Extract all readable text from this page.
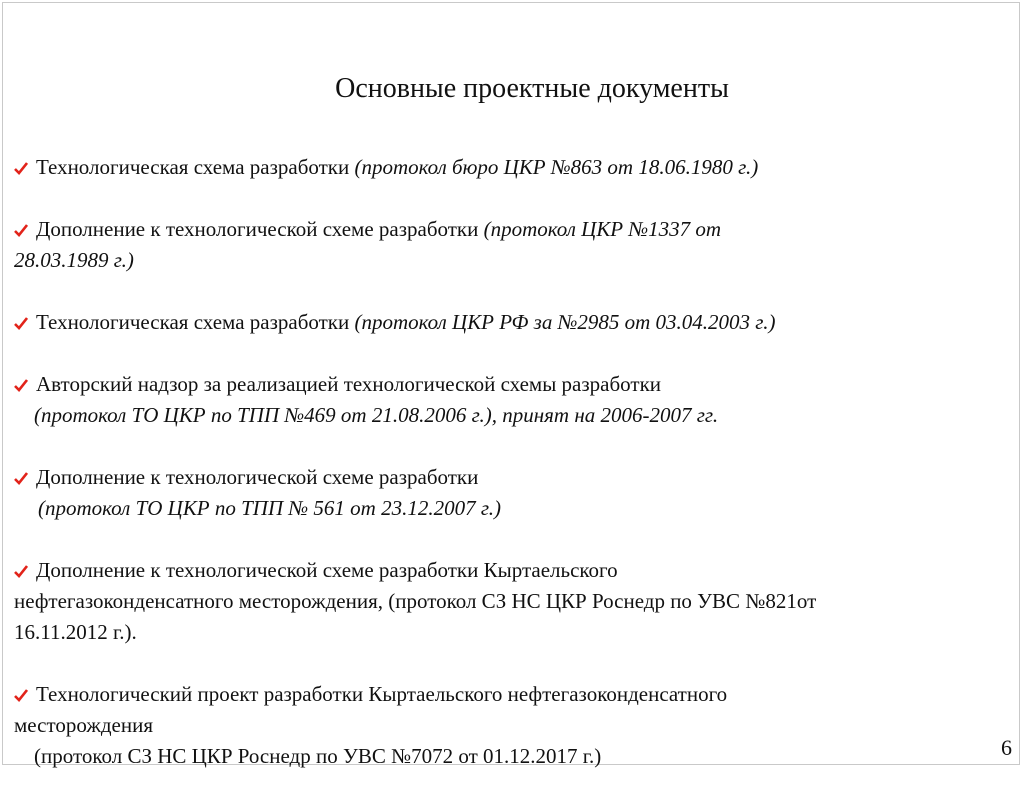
Основные проектные документы
Технологическая схема разработки (протокол бюро ЦКР №863 от 18.06.1980 г.)
Дополнение к технологической схеме разработки (протокол ЦКР №1337 от
28.03.1989 г.)
Технологическая схема разработки (протокол ЦКР РФ за №2985 от 03.04.2003 г.)
Авторский надзор за реализацией технологической схемы разработки
(протокол ТО ЦКР по ТПП №469 от 21.08.2006 г.), принят на 2006-2007 гг.
Дополнение к технологической схеме разработки
(протокол ТО ЦКР по ТПП № 561 от 23.12.2007 г.)
Дополнение к технологической схеме разработки Кыртаельского
нефтегазоконденсатного месторождения, (протокол СЗ НС ЦКР Роснедр по УВС №821от
16.11.2012 г.).
Технологический проект разработки Кыртаельского нефтегазоконденсатного
месторождения
(протокол СЗ НС ЦКР Роснедр по УВС №7072 от 01.12.2017 г.)	6
